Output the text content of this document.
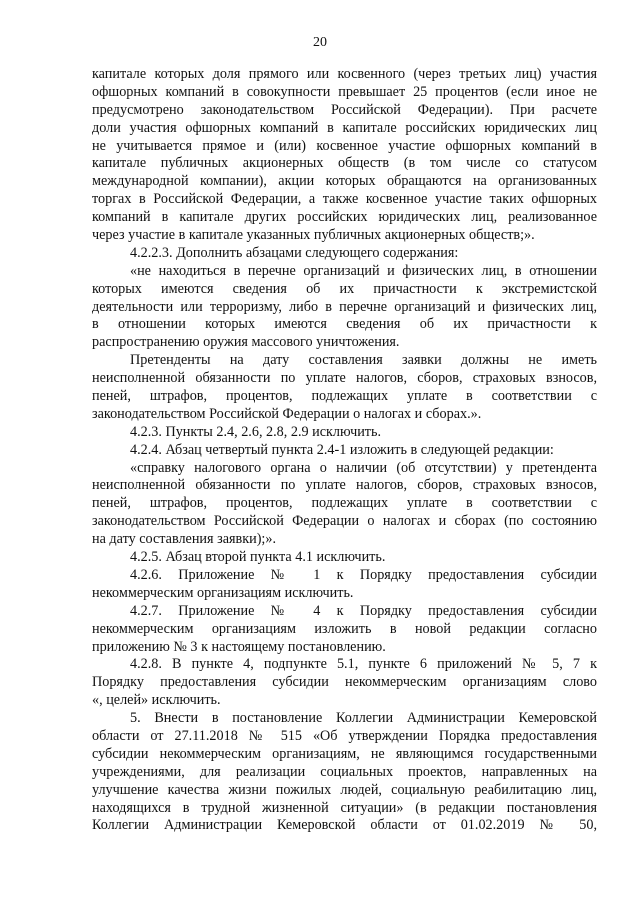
20
капитале которых доля прямого или косвенного (через третьих лиц) участия
офшорных компаний в совокупности превышает 25 процентов (если иное не
предусмотрено законодательством Российской Федерации). При расчете
доли участия офшорных компаний в капитале российских юридических лиц
не учитывается прямое и (или) косвенное участие офшорных компаний в
капитале публичных акционерных обществ (в том числе со статусом
международной компании), акции которых обращаются на организованных
торгах в Российской Федерации, а также косвенное участие таких офшорных
компаний в капитале других российских юридических лиц, реализованное
через участие в капитале указанных публичных акционерных обществ;».
4.2.2.3. Дополнить абзацами следующего содержания:
«не находиться в перечне организаций и физических лиц, в отношении
которых имеются сведения об их причастности к экстремистской
деятельности или терроризму, либо в перечне организаций и физических лиц,
в отношении которых имеются сведения об их причастности к
распространению оружия массового уничтожения.
Претенденты на дату составления заявки должны не иметь
неисполненной обязанности по уплате налогов, сборов, страховых взносов,
пеней, штрафов, процентов, подлежащих уплате в соответствии с
законодательством Российской Федерации о налогах и сборах.».
4.2.3. Пункты 2.4, 2.6, 2.8, 2.9 исключить.
4.2.4. Абзац четвертый пункта 2.4-1 изложить в следующей редакции:
«справку налогового органа о наличии (об отсутствии) у претендента
неисполненной обязанности по уплате налогов, сборов, страховых взносов,
пеней, штрафов, процентов, подлежащих уплате в соответствии с
законодательством Российской Федерации о налогах и сборах (по состоянию
на дату составления заявки);».
4.2.5. Абзац второй пункта 4.1 исключить.
4.2.6. Приложение № 1 к Порядку предоставления субсидии
некоммерческим организациям исключить.
4.2.7. Приложение № 4 к Порядку предоставления субсидии
некоммерческим организациям изложить в новой редакции согласно
приложению № 3 к настоящему постановлению.
4.2.8. В пункте 4, подпункте 5.1, пункте 6 приложений № 5, 7 к
Порядку предоставления субсидии некоммерческим организациям слово
«, целей» исключить.
5. Внести в постановление Коллегии Администрации Кемеровской
области от 27.11.2018 № 515 «Об утверждении Порядка предоставления
субсидии некоммерческим организациям, не являющимся государственными
учреждениями, для реализации социальных проектов, направленных на
улучшение качества жизни пожилых людей, социальную реабилитацию лиц,
находящихся в трудной жизненной ситуации» (в редакции постановления
Коллегии Администрации Кемеровской области от 01.02.2019 № 50,
